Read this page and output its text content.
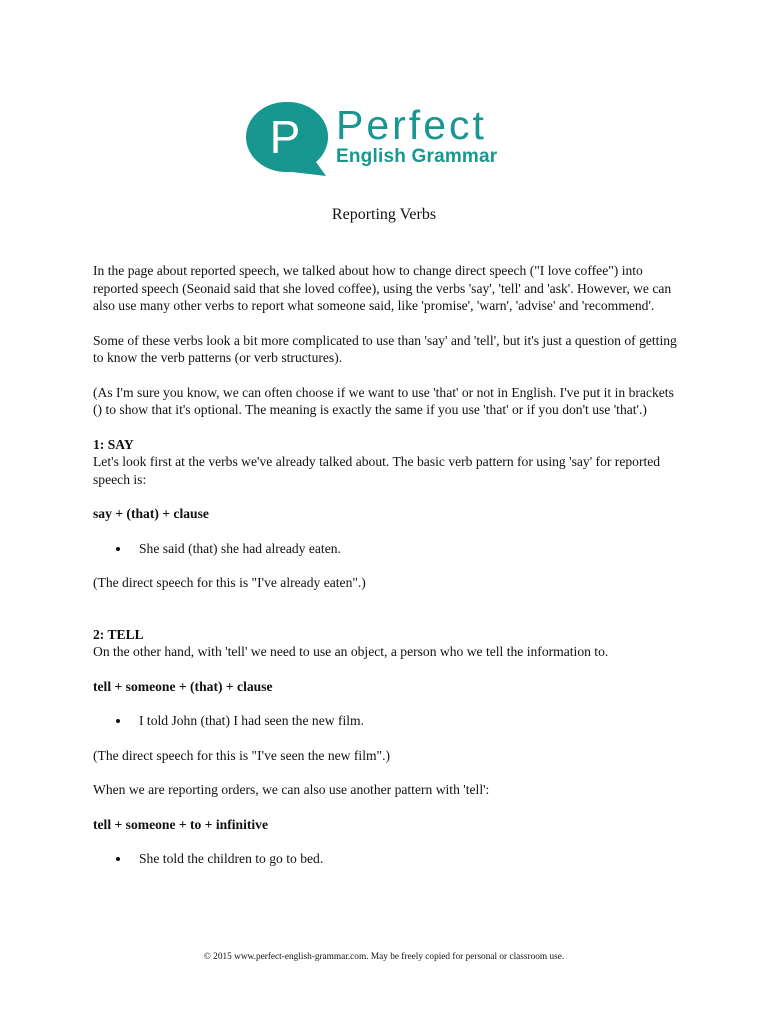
P Perfect
English Grammar
Reporting Verbs

In the page about reported speech, we talked about how to change direct speech ("I love coffee") into reported speech (Seonaid said that she loved coffee), using the verbs 'say', 'tell' and 'ask'. However, we can also use many other verbs to report what someone said, like 'promise', 'warn', 'advise' and 'recommend'.

Some of these verbs look a bit more complicated to use than 'say' and 'tell', but it's just a question of getting to know the verb patterns (or verb structures).

(As I'm sure you know, we can often choose if we want to use 'that' or not in English. I've put it in brackets () to show that it's optional. The meaning is exactly the same if you use 'that' or if you don't use 'that'.)

1: SAY

Let's look first at the verbs we've already talked about. The basic verb pattern for using 'say' for reported speech is:

say + (that) + clause

She said (that) she had already eaten.

(The direct speech for this is "I've already eaten".)

2: TELL

On the other hand, with 'tell' we need to use an object, a person who we tell the information to.

tell + someone + (that) + clause

I told John (that) I had seen the new film.

(The direct speech for this is "I've seen the new film".)

When we are reporting orders, we can also use another pattern with 'tell':

tell + someone + to + infinitive

She told the children to go to bed.

© 2015 www.perfect-english-grammar.com. May be freely copied for personal or classroom use.
